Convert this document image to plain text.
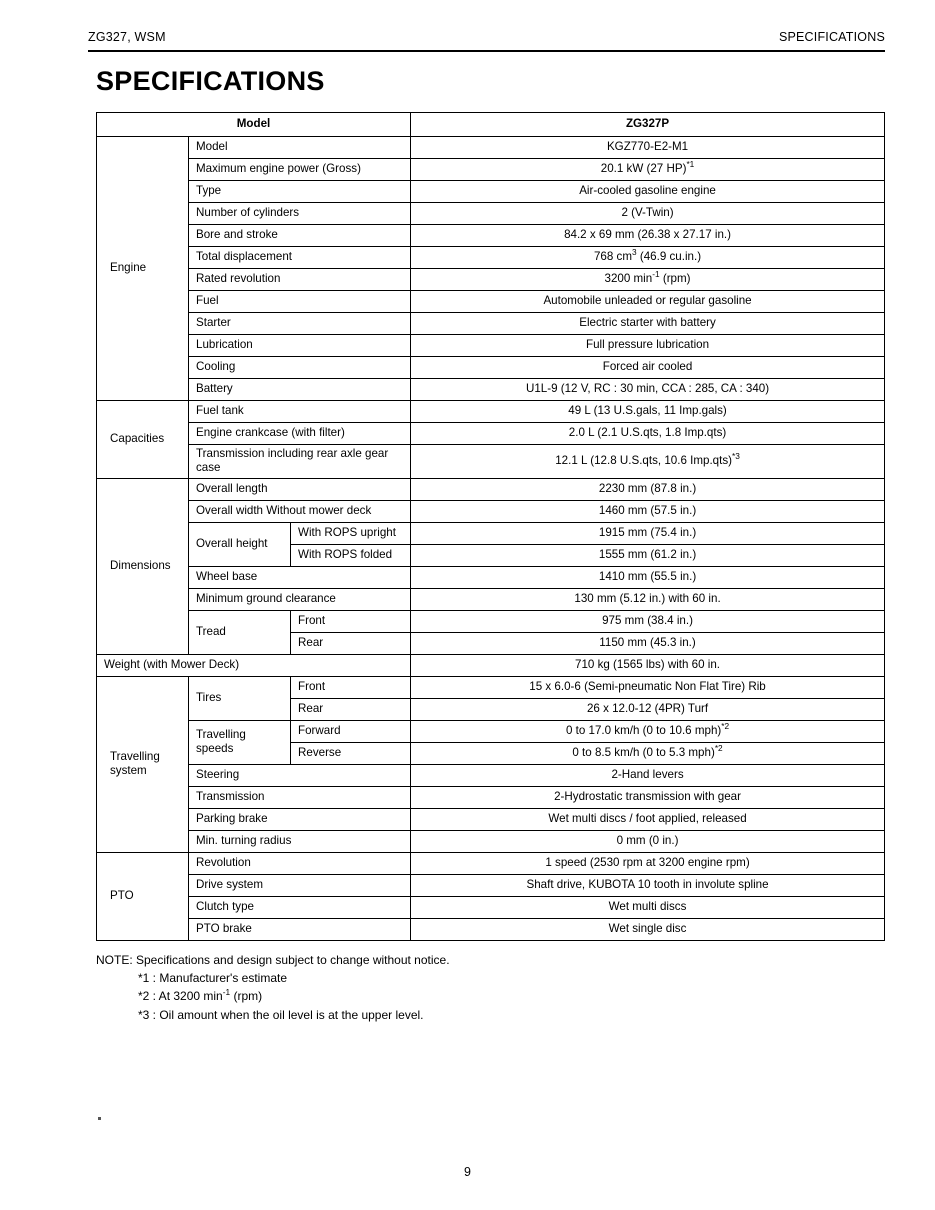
ZG327, WSM	SPECIFICATIONS
SPECIFICATIONS
Model			ZG327P
Engine	Model		KGZ770-E2-M1
	Maximum engine power (Gross)		20.1 kW (27 HP)$^{*1}$
	Type		Air-cooled gasoline engine
	Number of cylinders		2 (V-Twin)
	Bore and stroke		84.2 x 69 mm (26.38 x 27.17 in.)
	Total displacement		768 $cm^3$ (46.9 cu.in.)
	Rated revolution		3200 $\min^{-1} (rpm)$
	Fuel		Automobile unleaded or regular gasoline
	Starter		Electric starter with battery
	Lubrication		Full pressure lubrication
	Cooling		Forced air cooled
	Battery		U1L-9 (12 V, RC : 30 min, CCA : 285, CA : 340)
Capacities	Fuel tank		49 L (13 U.S.gals, 11 Imp.gals)
	Engine crankcase (with filter)		2.0 L (2.1 U.S.qts, 1.8 Imp.qts)
	Transmission including rear axle gear case		12.1 L (12.8 U.S.qts, 10.6 Imp.qts)$^{*3}$
Dimensions	Overall length		2230 mm (87.8 in.)
	Overall width Without mower deck		1460 mm (57.5 in.)
	Overall height	With ROPS upright	1915 mm (75.4 in.)
		With ROPS folded	1555 mm (61.2 in.)
	Wheel base		1410 mm (55.5 in.)
	Minimum ground clearance		130 mm (5.12 in.) with 60 in.
	Tread	Front	975 mm (38.4 in.)
		Rear	1150 mm (45.3 in.)
Weight (with Mower Deck)			710 kg (1565 lbs) with 60 in.
Travelling system	Tires	Front	15 x 6.0-6 (Semi-pneumatic Non Flat Tire) Rib
		Rear	26 x 12.0-12 (4PR) Turf
	Travelling speeds	Forward	0 to 17.0 km/h (0 to 10.6 mph)$^{*2}$
		Reverse	0 to 8.5 km/h (0 to 5.3 mph)$^{*2}$
	Steering		2-Hand levers
	Transmission		2-Hydrostatic transmission with gear
	Parking brake		Wet multi discs / foot applied, released
	Min. turning radius		0 mm (0 in.)
PTO	Revolution		1 speed (2530 rpm at 3200 engine rpm)
	Drive system		Shaft drive, KUBOTA 10 tooth in involute spline
	Clutch type		Wet multi discs
	PTO brake		Wet single disc
NOTE: Specifications and design subject to change without notice.
*1 : Manufacturer's estimate
*2 : At 3200 $\min^{-1} (rpm)$
*3 : Oil amount when the oil level is at the upper level.
9
